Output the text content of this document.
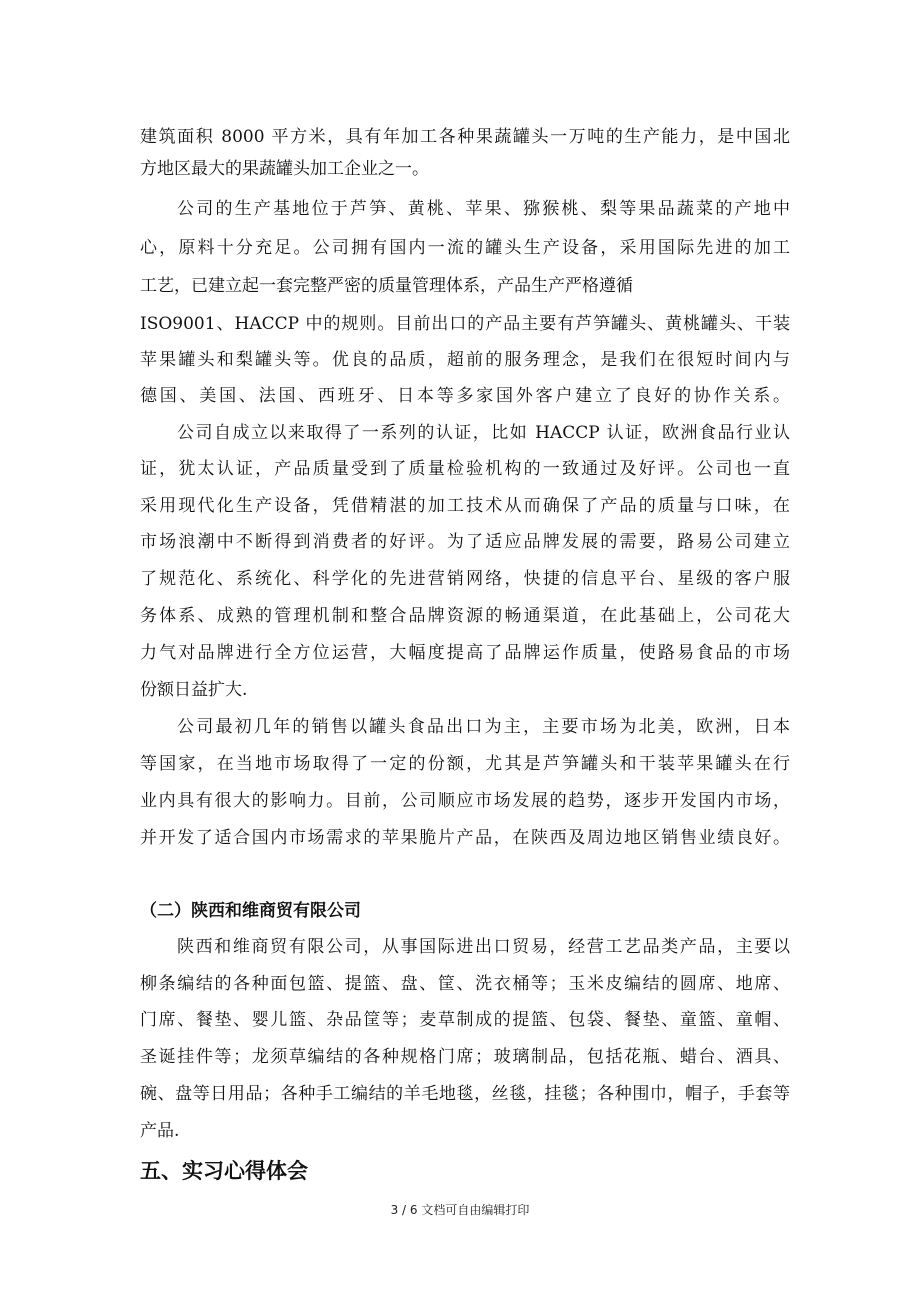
建筑面积 8000 平方米，具有年加工各种果蔬罐头一万吨的生产能力，是中国北
方地区最大的果蔬罐头加工企业之一。
公司的生产基地位于芦笋、黄桃、苹果、猕猴桃、梨等果品蔬菜的产地中
心，原料十分充足。公司拥有国内一流的罐头生产设备，采用国际先进的加工
工艺，已建立起一套完整严密的质量管理体系，产品生产严格遵循
ISO9001、HACCP 中的规则。目前出口的产品主要有芦笋罐头、黄桃罐头、干装
苹果罐头和梨罐头等。优良的品质，超前的服务理念，是我们在很短时间内与
德国、美国、法国、西班牙、日本等多家国外客户建立了良好的协作关系。
公司自成立以来取得了一系列的认证，比如 HACCP 认证，欧洲食品行业认
证，犹太认证，产品质量受到了质量检验机构的一致通过及好评。公司也一直
采用现代化生产设备，凭借精湛的加工技术从而确保了产品的质量与口味，在
市场浪潮中不断得到消费者的好评。为了适应品牌发展的需要，路易公司建立
了规范化、系统化、科学化的先进营销网络，快捷的信息平台、星级的客户服
务体系、成熟的管理机制和整合品牌资源的畅通渠道，在此基础上，公司花大
力气对品牌进行全方位运营，大幅度提高了品牌运作质量，使路易食品的市场
份额日益扩大.
公司最初几年的销售以罐头食品出口为主，主要市场为北美，欧洲，日本
等国家，在当地市场取得了一定的份额，尤其是芦笋罐头和干装苹果罐头在行
业内具有很大的影响力。目前，公司顺应市场发展的趋势，逐步开发国内市场，
并开发了适合国内市场需求的苹果脆片产品，在陕西及周边地区销售业绩良好。
（二）陕西和维商贸有限公司
陕西和维商贸有限公司，从事国际进出口贸易，经营工艺品类产品，主要以
柳条编结的各种面包篮、提篮、盘、筐、洗衣桶等；玉米皮编结的圆席、地席、
门席、餐垫、婴儿篮、杂品筐等；麦草制成的提篮、包袋、餐垫、童篮、童帽、
圣诞挂件等；龙须草编结的各种规格门席；玻璃制品，包括花瓶、蜡台、酒具、
碗、盘等日用品；各种手工编结的羊毛地毯，丝毯，挂毯；各种围巾，帽子，手套等
产品.
五、实习心得体会
3 / 6 文档可自由编辑打印
